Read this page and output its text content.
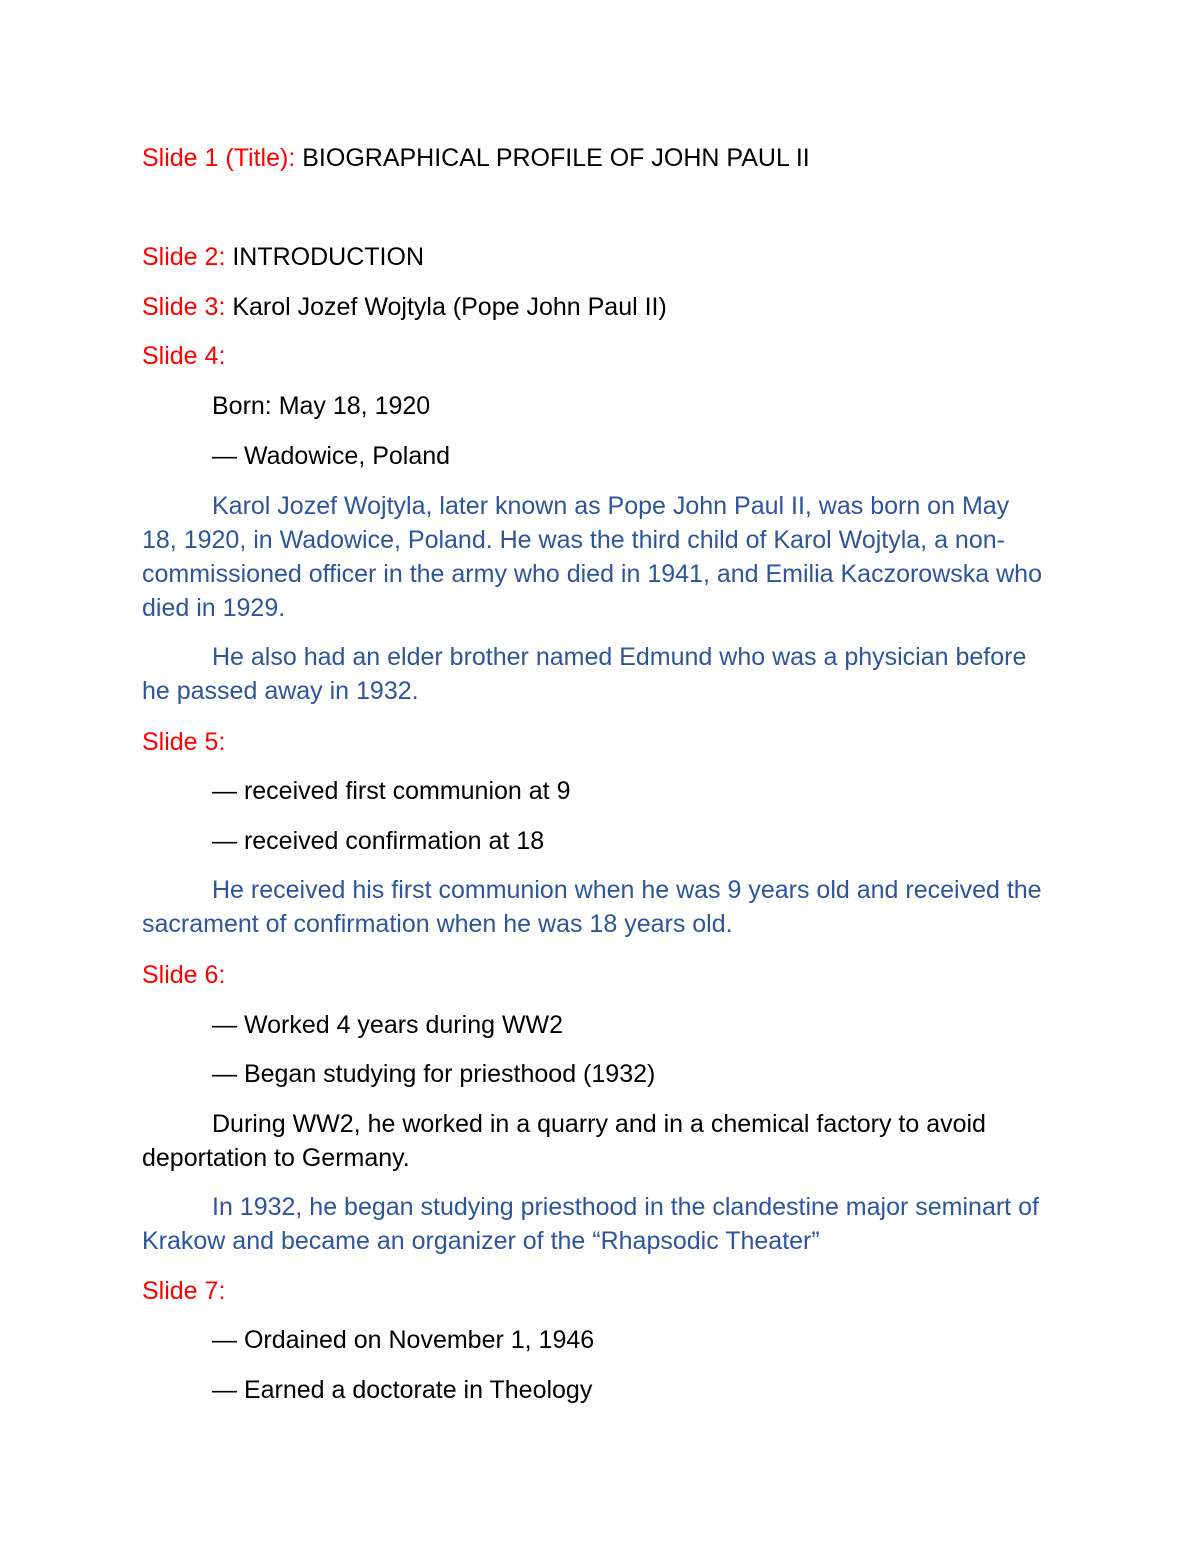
Slide 1 (Title): BIOGRAPHICAL PROFILE OF JOHN PAUL II
Slide 2: INTRODUCTION
Slide 3: Karol Jozef Wojtyla (Pope John Paul II)
Slide 4:
Born: May 18, 1920
— Wadowice, Poland
Karol Jozef Wojtyla, later known as Pope John Paul II, was born on May 18, 1920, in Wadowice, Poland. He was the third child of Karol Wojtyla, a non-commissioned officer in the army who died in 1941, and Emilia Kaczorowska who died in 1929.
He also had an elder brother named Edmund who was a physician before he passed away in 1932.
Slide 5:
— received first communion at 9
— received confirmation at 18
He received his first communion when he was 9 years old and received the sacrament of confirmation when he was 18 years old.
Slide 6:
— Worked 4 years during WW2
— Began studying for priesthood (1932)
During WW2, he worked in a quarry and in a chemical factory to avoid deportation to Germany.
In 1932, he began studying priesthood in the clandestine major seminart of Krakow and became an organizer of the “Rhapsodic Theater”
Slide 7:
— Ordained on November 1, 1946
— Earned a doctorate in Theology
